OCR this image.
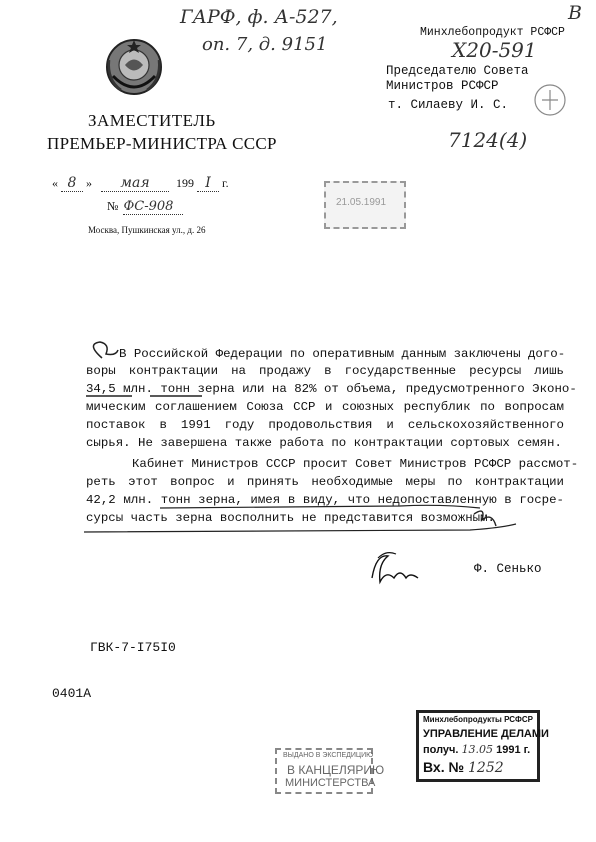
ГАРФ, ф. А-527,
оп. 7, д. 9151
ЗАМЕСТИТЕЛЬ
ПРЕМЬЕР-МИНИСТРА СССР
« 8 » мая 199 I г.
№ ФС-908
Москва, Пушкинская ул., д. 26
Минхлебопродукт РСФСР
Председателю Совета
Министров РСФСР
т. Силаеву И. С.
В
Х20-591
7124(4)
21.05.1991
В Российской Федерации по оперативным данным заключены дого-
воры контрактации на продажу в государственные ресурсы лишь
34,5 млн. тонн зерна или на 82% от объема, предусмотренного Эконо-
мическим соглашением Союза ССР и союзных республик по вопросам
поставок в 1991 году продовольствия и сельскохозяйственного
сырья. Не завершена также работа по контрактации сортовых семян.
Кабинет Министров СССР просит Совет Министров РСФСР рассмот-
реть этот вопрос и принять необходимые меры по контрактации
42,2 млн. тонн зерна, имея в виду, что недопоставленную в госре-
сурсы часть зерна восполнить не представится возможным.
Ф. Сенько
ГВК-7-I75I0
0401А
ВЫДАНО В ЭКСПЕДИЦИЮ
В КАНЦЕЛЯРИЮ
МИНИСТЕРСТВА
Минхлебопродукты РСФСР
УПРАВЛЕНИЕ ДЕЛАМИ
получ. 13.05 1991 г.
Вх. № 1252
